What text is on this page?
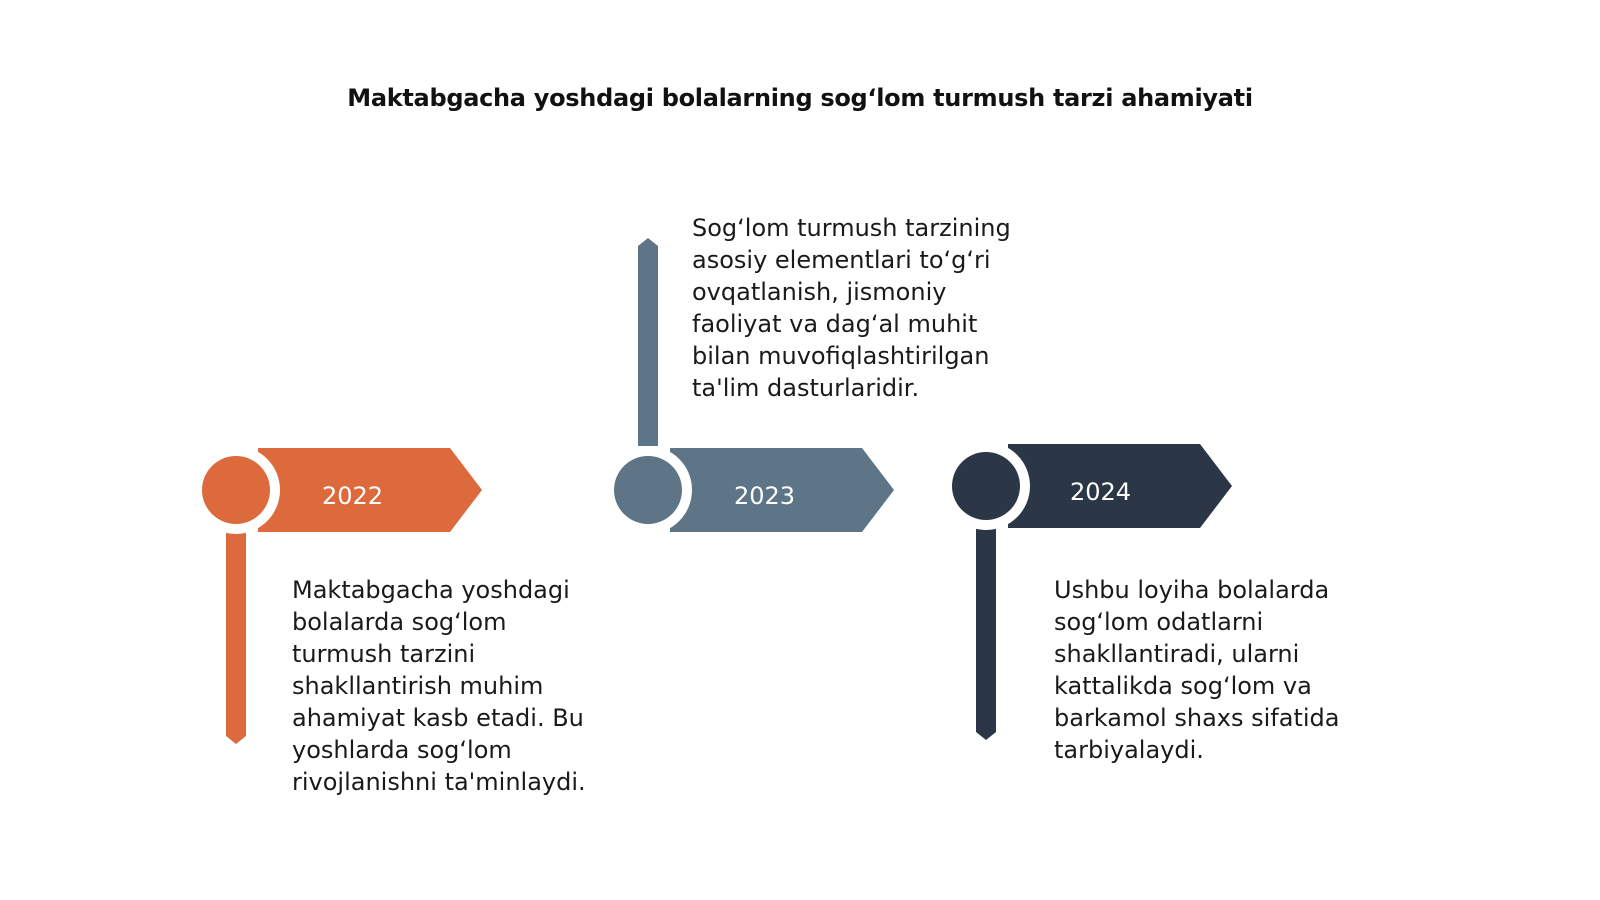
Maktabgacha yoshdagi bolalarning sog‘lom turmush tarzi ahamiyati
2022	2023	2024
Maktabgacha yoshdagi
bolalarda sog‘lom
turmush tarzini
shakllantirish muhim
ahamiyat kasb etadi. Bu
yoshlarda sog‘lom
rivojlanishni ta'minlaydi.
Sog‘lom turmush tarzining
asosiy elementlari to‘g‘ri
ovqatlanish, jismoniy
faoliyat va dag‘al muhit
bilan muvofiqlashtirilgan
ta'lim dasturlaridir.
Ushbu loyiha bolalarda
sog‘lom odatlarni
shakllantiradi, ularni
kattalikda sog‘lom va
barkamol shaxs sifatida
tarbiyalaydi.
